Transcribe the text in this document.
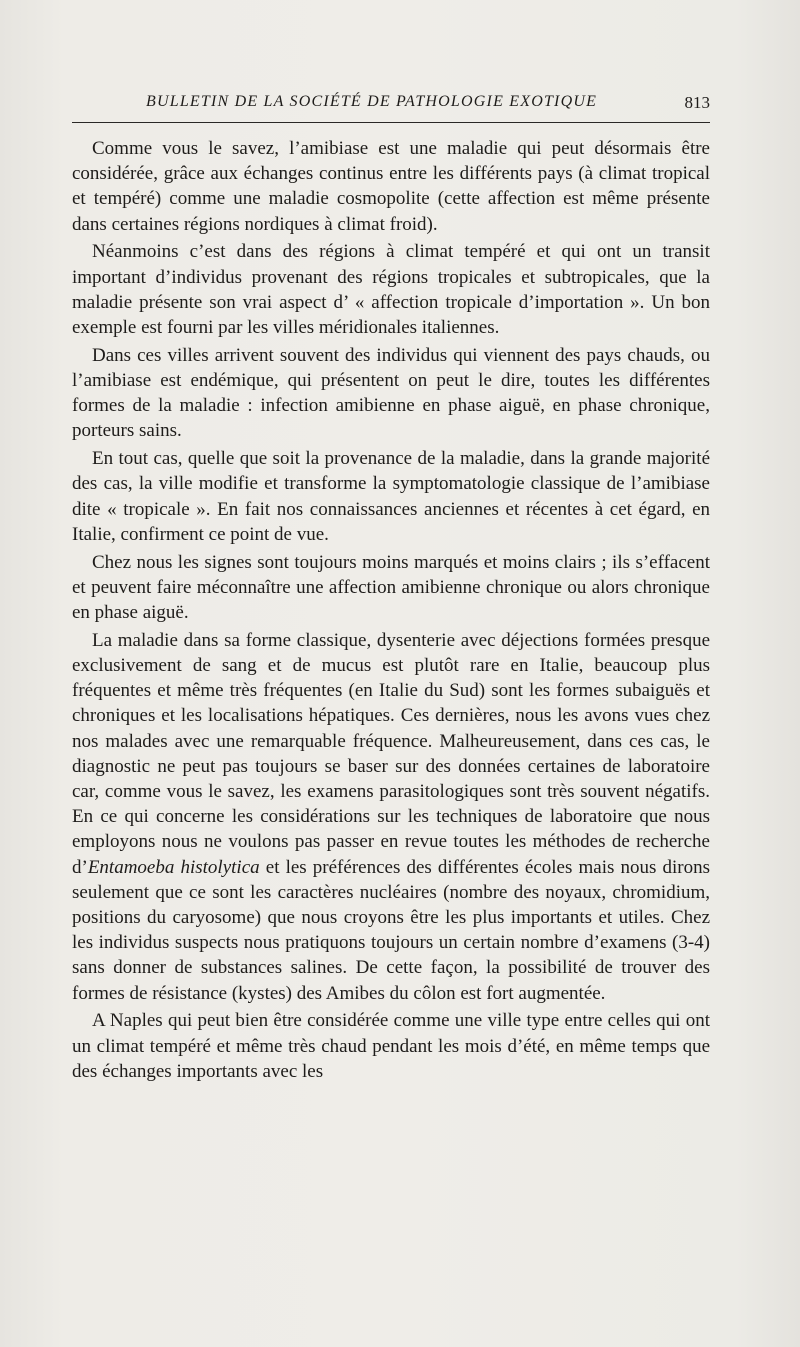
BULLETIN DE LA SOCIÉTÉ DE PATHOLOGIE EXOTIQUE	813

Comme vous le savez, l’amibiase est une maladie qui peut désormais être considérée, grâce aux échanges continus entre les différents pays (à climat tropical et tempéré) comme une maladie cosmopolite (cette affection est même présente dans certaines régions nordiques à climat froid).

Néanmoins c’est dans des régions à climat tempéré et qui ont un transit important d’individus provenant des régions tropicales et subtropicales, que la maladie présente son vrai aspect d’ « affection tropicale d’importation ». Un bon exemple est fourni par les villes méridionales italiennes.

Dans ces villes arrivent souvent des individus qui viennent des pays chauds, ou l’amibiase est endémique, qui présentent on peut le dire, toutes les différentes formes de la maladie : infection amibienne en phase aiguë, en phase chronique, porteurs sains.

En tout cas, quelle que soit la provenance de la maladie, dans la grande majorité des cas, la ville modifie et transforme la symptomatologie classique de l’amibiase dite « tropicale ». En fait nos connaissances anciennes et récentes à cet égard, en Italie, confirment ce point de vue.

Chez nous les signes sont toujours moins marqués et moins clairs ; ils s’effacent et peuvent faire méconnaître une affection amibienne chronique ou alors chronique en phase aiguë.

La maladie dans sa forme classique, dysenterie avec déjections formées presque exclusivement de sang et de mucus est plutôt rare en Italie, beaucoup plus fréquentes et même très fréquentes (en Italie du Sud) sont les formes subaiguës et chroniques et les localisations hépatiques. Ces dernières, nous les avons vues chez nos malades avec une remarquable fréquence. Malheureusement, dans ces cas, le diagnostic ne peut pas toujours se baser sur des données certaines de laboratoire car, comme vous le savez, les examens parasitologiques sont très souvent négatifs. En ce qui concerne les considérations sur les techniques de laboratoire que nous employons nous ne voulons pas passer en revue toutes les méthodes de recherche d’Entamoeba histolytica et les préférences des différentes écoles mais nous dirons seulement que ce sont les caractères nucléaires (nombre des noyaux, chromidium, positions du caryosome) que nous croyons être les plus importants et utiles. Chez les individus suspects nous pratiquons toujours un certain nombre d’examens (3-4) sans donner de substances salines. De cette façon, la possibilité de trouver des formes de résistance (kystes) des Amibes du côlon est fort augmentée.

A Naples qui peut bien être considérée comme une ville type entre celles qui ont un climat tempéré et même très chaud pendant les mois d’été, en même temps que des échanges importants avec les
